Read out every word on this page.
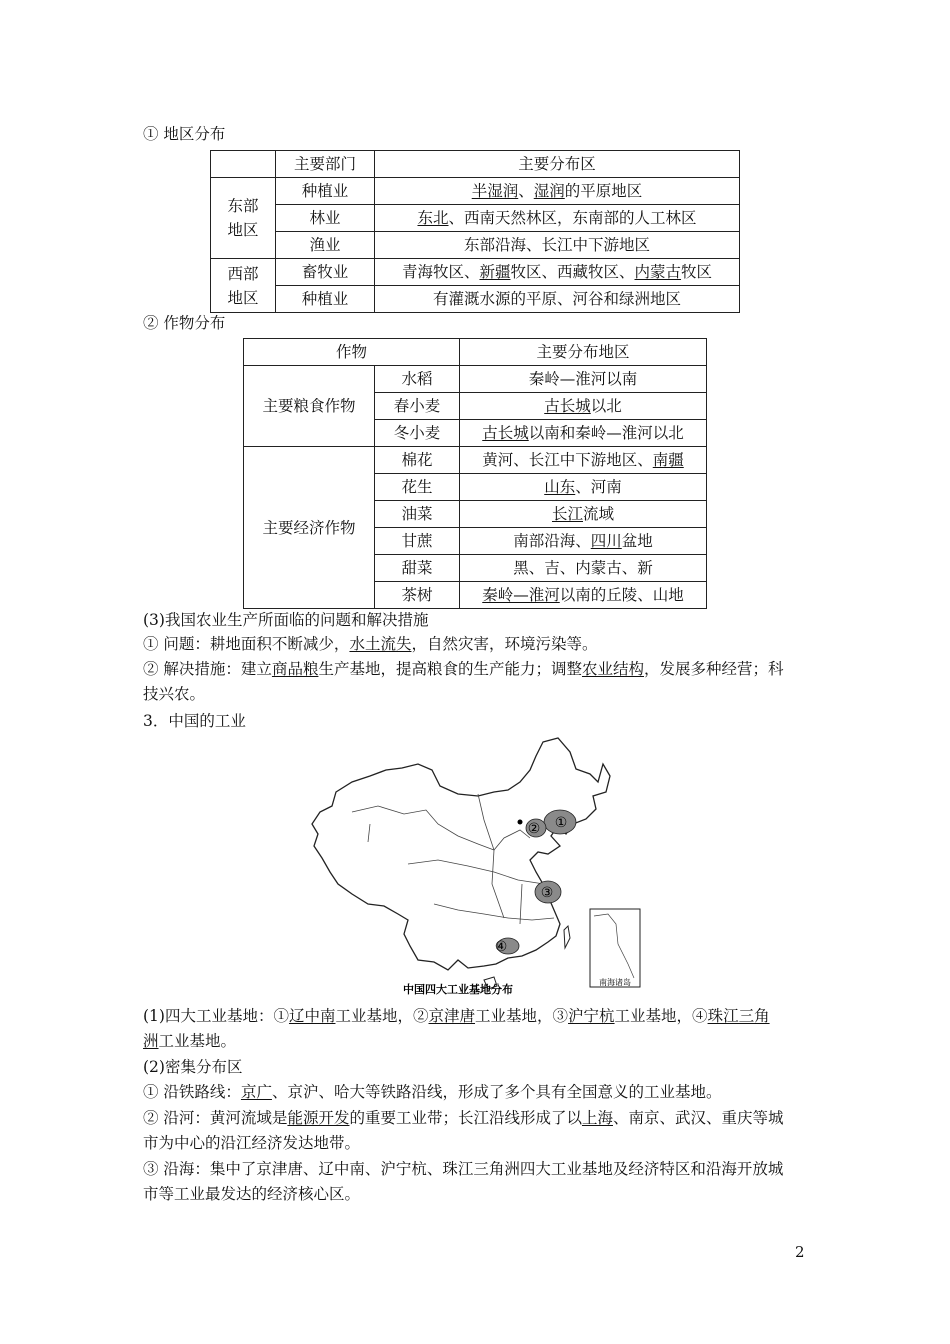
① 地区分布
	主要部门	主要分布区

东部
地区	种植业	半湿润、湿润的平原地区
	林业	东北、西南天然林区，东南部的人工林区
	渔业	东部沿海、长江中下游地区

西部
地区	畜牧业	青海牧区、新疆牧区、西藏牧区、内蒙古牧区
	种植业	有灌溉水源的平原、河谷和绿洲地区
② 作物分布
作物		主要分布地区
主要粮食作物	水稻	秦岭—淮河以南
	春小麦	古长城以北
	冬小麦	古长城以南和秦岭—淮河以北
主要经济作物	棉花	黄河、长江中下游地区、南疆
	花生	山东、河南
	油菜	长江流域
	甘蔗	南部沿海、四川盆地
	甜菜	黑、吉、内蒙古、新
	茶树	秦岭—淮河以南的丘陵、山地
(3)我国农业生产所面临的问题和解决措施
① 问题：耕地面积不断减少，水土流失，自然灾害，环境污染等。
② 解决措施：建立商品粮生产基地，提高粮食的生产能力；调整农业结构，发展多种经营；科
技兴农。
3．中国的工业
①
②
③
④
南海诸岛
中国四大工业基地分布
(1)四大工业基地：①辽中南工业基地，②京津唐工业基地，③沪宁杭工业基地，④珠江三角
洲工业基地。
(2)密集分布区
① 沿铁路线：京广、京沪、哈大等铁路沿线，形成了多个具有全国意义的工业基地。
② 沿河：黄河流域是能源开发的重要工业带；长江沿线形成了以上海、南京、武汉、重庆等城
市为中心的沿江经济发达地带。
③ 沿海：集中了京津唐、辽中南、沪宁杭、珠江三角洲四大工业基地及经济特区和沿海开放城
市等工业最发达的经济核心区。
2
